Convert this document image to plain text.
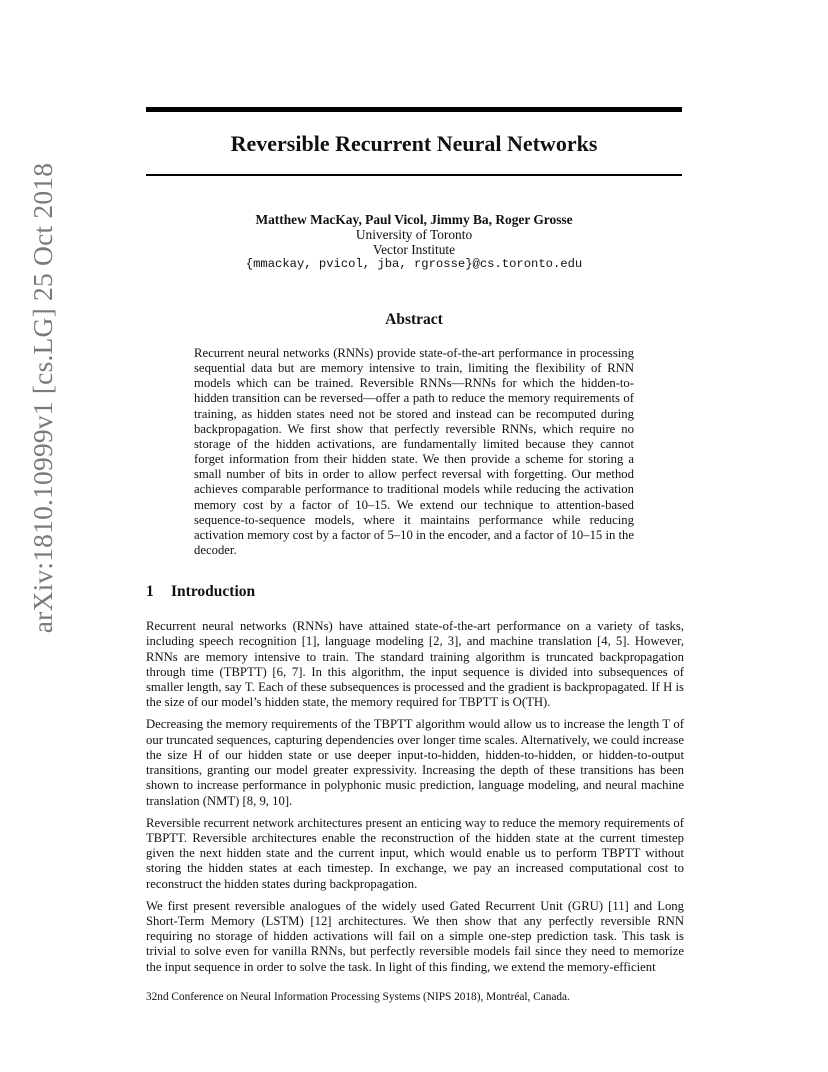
arXiv:1810.10999v1 [cs.LG] 25 Oct 2018
Reversible Recurrent Neural Networks
Matthew MacKay, Paul Vicol, Jimmy Ba, Roger Grosse
University of Toronto
Vector Institute
{mmackay, pvicol, jba, rgrosse}@cs.toronto.edu
Abstract
Recurrent neural networks (RNNs) provide state-of-the-art performance in processing sequential data but are memory intensive to train, limiting the flexibility of RNN models which can be trained. Reversible RNNs—RNNs for which the hidden-to-hidden transition can be reversed—offer a path to reduce the memory requirements of training, as hidden states need not be stored and instead can be recomputed during backpropagation. We first show that perfectly reversible RNNs, which require no storage of the hidden activations, are fundamentally limited because they cannot forget information from their hidden state. We then provide a scheme for storing a small number of bits in order to allow perfect reversal with forgetting. Our method achieves comparable performance to traditional models while reducing the activation memory cost by a factor of 10–15. We extend our technique to attention-based sequence-to-sequence models, where it maintains performance while reducing activation memory cost by a factor of 5–10 in the encoder, and a factor of 10–15 in the decoder.
1 Introduction

Recurrent neural networks (RNNs) have attained state-of-the-art performance on a variety of tasks, including speech recognition [1], language modeling [2, 3], and machine translation [4, 5]. However, RNNs are memory intensive to train. The standard training algorithm is truncated backpropagation through time (TBPTT) [6, 7]. In this algorithm, the input sequence is divided into subsequences of smaller length, say T. Each of these subsequences is processed and the gradient is backpropagated. If H is the size of our model’s hidden state, the memory required for TBPTT is O(TH).

Decreasing the memory requirements of the TBPTT algorithm would allow us to increase the length T of our truncated sequences, capturing dependencies over longer time scales. Alternatively, we could increase the size H of our hidden state or use deeper input-to-hidden, hidden-to-hidden, or hidden-to-output transitions, granting our model greater expressivity. Increasing the depth of these transitions has been shown to increase performance in polyphonic music prediction, language modeling, and neural machine translation (NMT) [8, 9, 10].

Reversible recurrent network architectures present an enticing way to reduce the memory requirements of TBPTT. Reversible architectures enable the reconstruction of the hidden state at the current timestep given the next hidden state and the current input, which would enable us to perform TBPTT without storing the hidden states at each timestep. In exchange, we pay an increased computational cost to reconstruct the hidden states during backpropagation.

We first present reversible analogues of the widely used Gated Recurrent Unit (GRU) [11] and Long Short-Term Memory (LSTM) [12] architectures. We then show that any perfectly reversible RNN requiring no storage of hidden activations will fail on a simple one-step prediction task. This task is trivial to solve even for vanilla RNNs, but perfectly reversible models fail since they need to memorize the input sequence in order to solve the task. In light of this finding, we extend the memory-efficient

32nd Conference on Neural Information Processing Systems (NIPS 2018), Montréal, Canada.
